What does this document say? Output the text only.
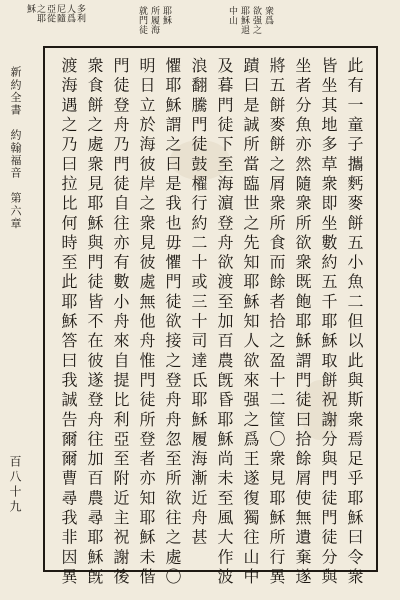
衆爲
欲强之
耶穌退
中山
耶穌
所履海
就門徒
多利
人爲
尼隨
亞從
之耶
穌
此有一童子攜麫麥餅五小魚二但以此與斯衆焉足乎耶穌曰令衆
皆坐其地多草衆即坐數約五千耶穌取餅祝謝分與門徒門徒分與
坐者分魚亦然隨衆所欲衆既飽耶穌謂門徒曰拾餘屑使無遺棄遂
將五餅麥餅之屑衆所食而餘者拾之盈十二筐〇衆見耶穌所行異
蹟曰是誠所當臨世之先知耶穌知人欲來强之爲王遂復獨往山中
及暮門徒下至海濵登舟欲渡至加百農旣昏耶穌尚未至風大作波
浪翻騰門徒鼓櫂行約二十或三十司達氐耶穌履海漸近舟甚
懼耶穌謂之曰是我也毋懼門徒欲接之登舟舟忽至所欲往之處〇
明日立於海彼岸之衆見彼處無他舟惟門徒所登者亦知耶穌未偕
門徒登舟乃門徒自往亦有數小舟來自提比利亞至附近主祝謝後
衆食餅之處衆見耶穌與門徒皆不在彼遂登舟往加百農尋耶穌旣
渡海遇之乃曰拉比何時至此耶穌答曰我誠告爾爾曹尋我非因異
新約全書　約翰福音　第六章
百八十九
